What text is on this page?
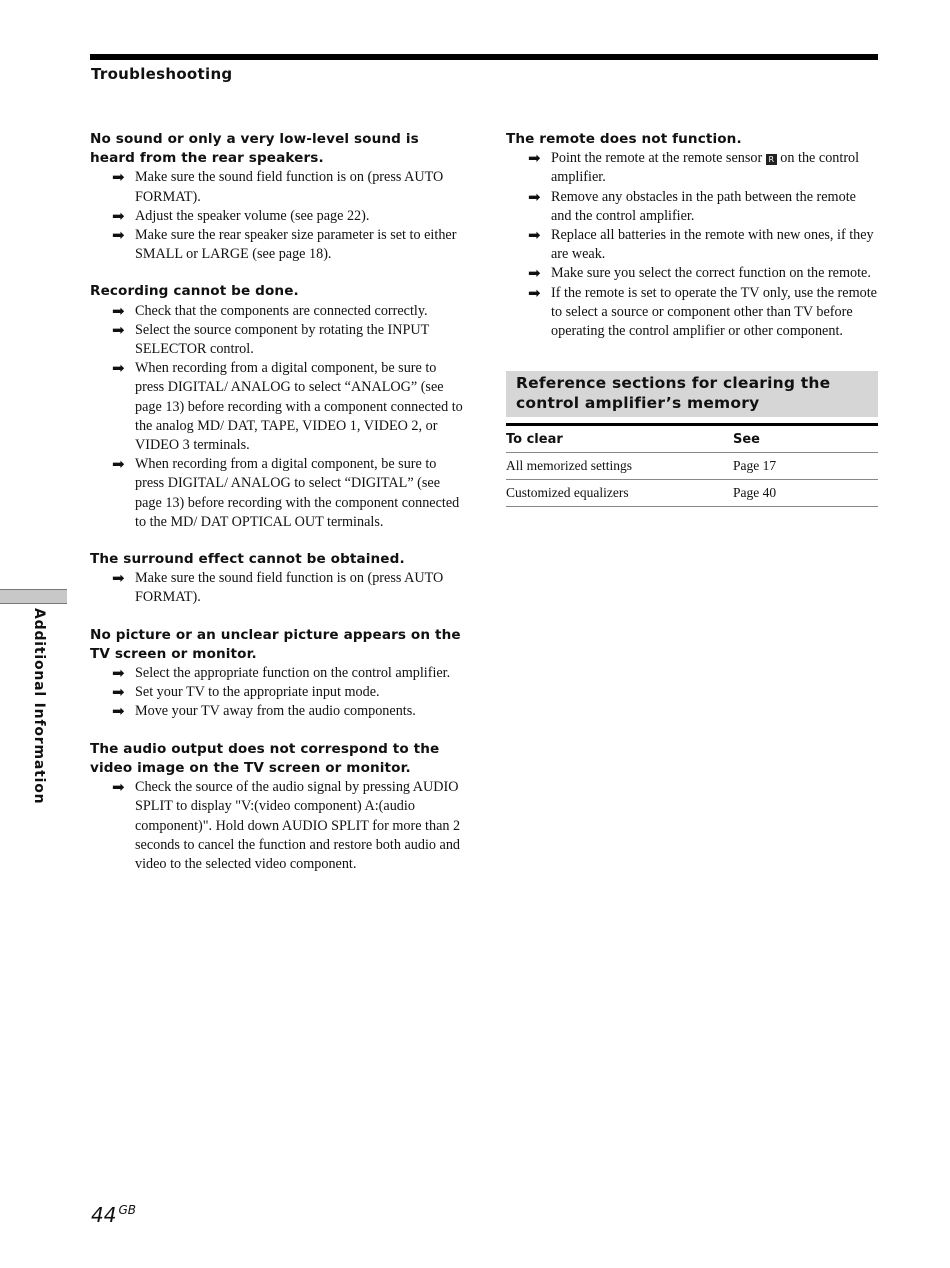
Troubleshooting
No sound or only a very low-level sound is heard from the rear speakers.
➡ Make sure the sound field function is on (press AUTO FORMAT).
➡ Adjust the speaker volume (see page 22).
➡ Make sure the rear speaker size parameter is set to either SMALL or LARGE (see page 18).
Recording cannot be done.
➡ Check that the components are connected correctly.
➡ Select the source component by rotating the INPUT SELECTOR control.
➡ When recording from a digital component, be sure to press DIGITAL/ ANALOG to select “ANALOG” (see page 13) before recording with a component connected to the analog MD/ DAT, TAPE, VIDEO 1, VIDEO 2, or VIDEO 3 terminals.
➡ When recording from a digital component, be sure to press DIGITAL/ ANALOG to select “DIGITAL” (see page 13) before recording with the component connected to the MD/ DAT OPTICAL OUT terminals.
The surround effect cannot be obtained.
➡ Make sure the sound field function is on (press AUTO FORMAT).
No picture or an unclear picture appears on the TV screen or monitor.
➡ Select the appropriate function on the control amplifier.
➡ Set your TV to the appropriate input mode.
➡ Move your TV away from the audio components.
The audio output does not correspond to the video image on the TV screen or monitor.
➡ Check the source of the audio signal by pressing AUDIO SPLIT to display "V:(video component) A:(audio component)". Hold down AUDIO SPLIT for more than 2 seconds to cancel the function and restore both audio and video to the selected video component.
The remote does not function.
➡ Point the remote at the remote sensor R on the control amplifier.
➡ Remove any obstacles in the path between the remote and the control amplifier.
➡ Replace all batteries in the remote with new ones, if they are weak.
➡ Make sure you select the correct function on the remote.
➡ If the remote is set to operate the TV only, use the remote to select a source or component other than TV before operating the control amplifier or other component.
Reference sections for clearing the control amplifier’s memory
To clear	See
All memorized settings	Page 17
Customized equalizers	Page 40
Additional Information
44 $^{GB}$
